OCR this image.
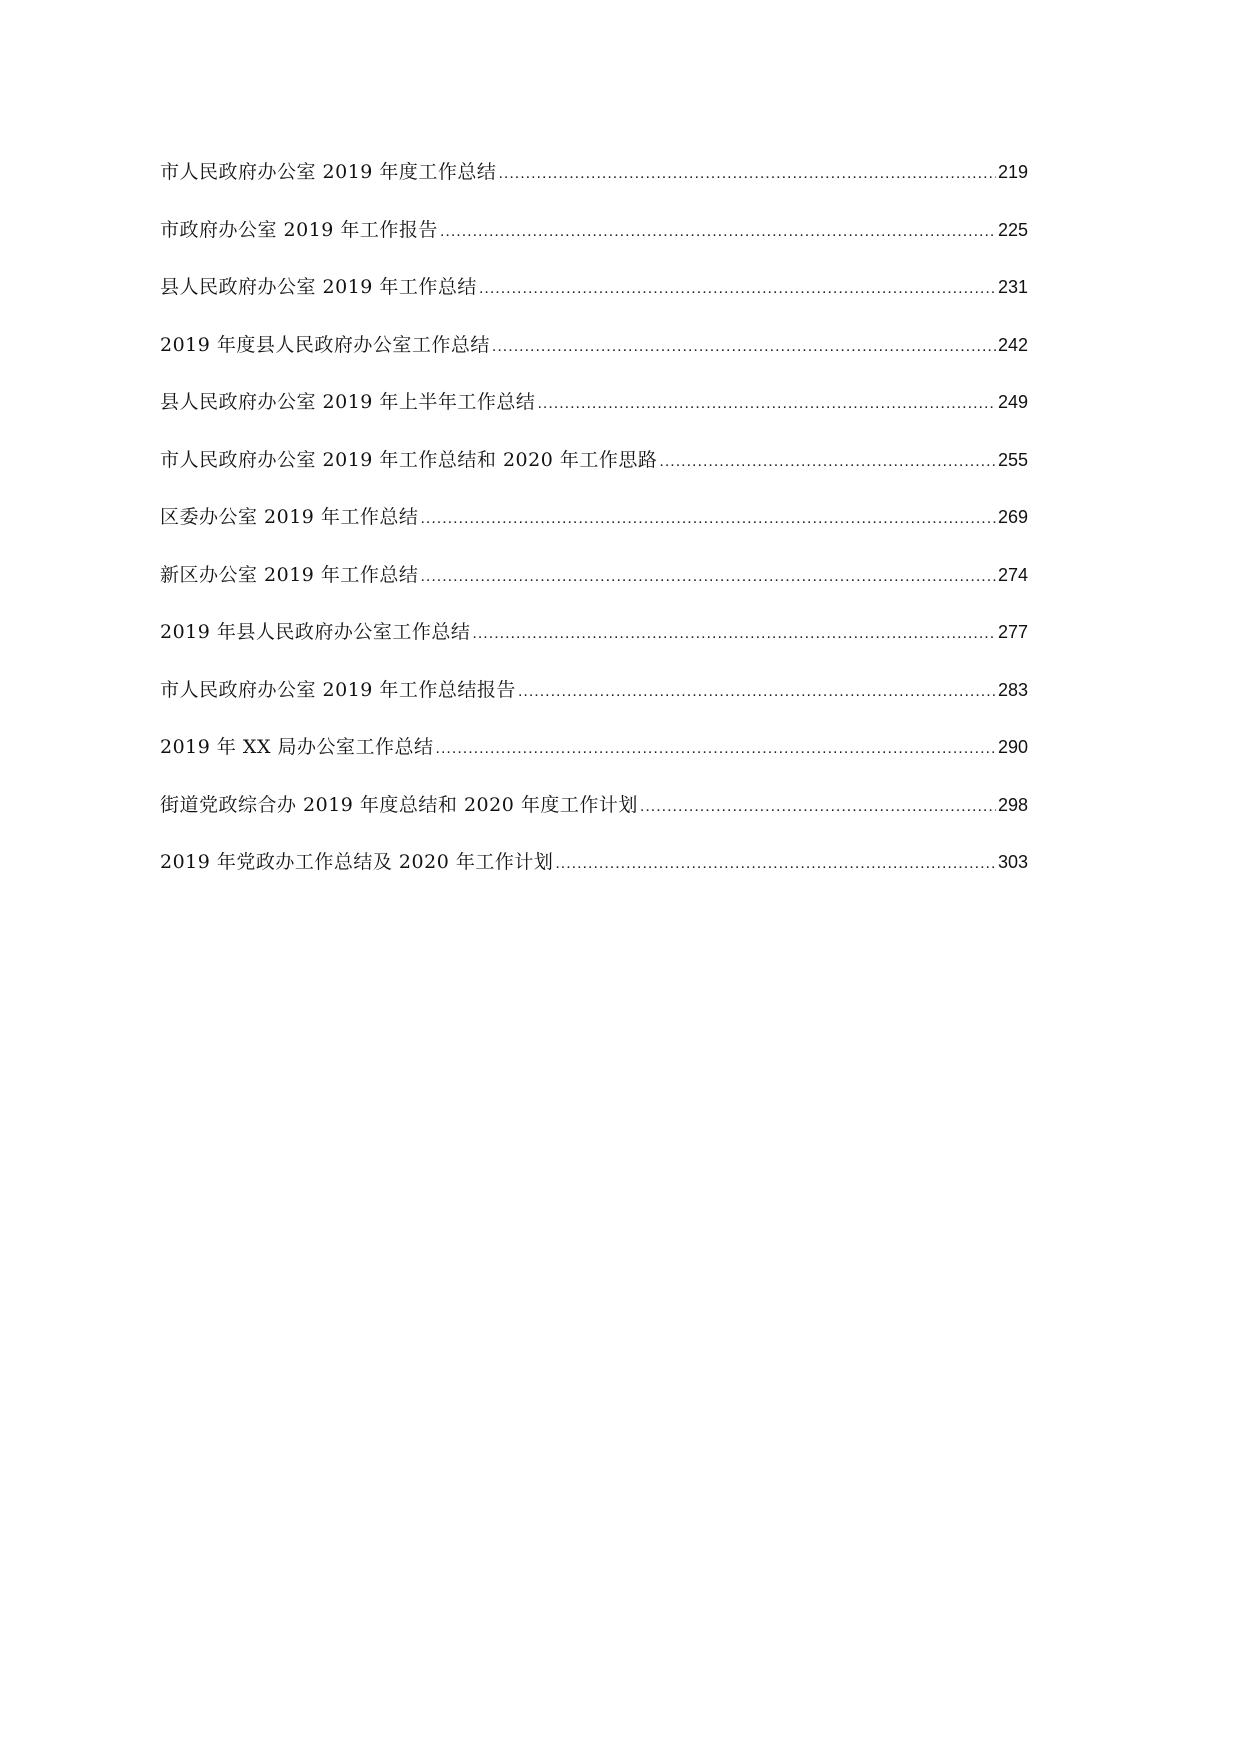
市人民政府办公室 2019 年度工作总结 .....	219
市政府办公室 2019 年工作报告 .....	225
县人民政府办公室 2019 年工作总结 .....	231
2019 年度县人民政府办公室工作总结 .....	242
县人民政府办公室 2019 年上半年工作总结 .....	249
市人民政府办公室 2019 年工作总结和 2020 年工作思路 .....	255
区委办公室 2019 年工作总结 .....	269
新区办公室 2019 年工作总结 .....	274
2019 年县人民政府办公室工作总结 .....	277
市人民政府办公室 2019 年工作总结报告 .....	283
2019 年 XX 局办公室工作总结 .....	290
街道党政综合办 2019 年度总结和 2020 年度工作计划 .....	298
2019 年党政办工作总结及 2020 年工作计划 .....	303
